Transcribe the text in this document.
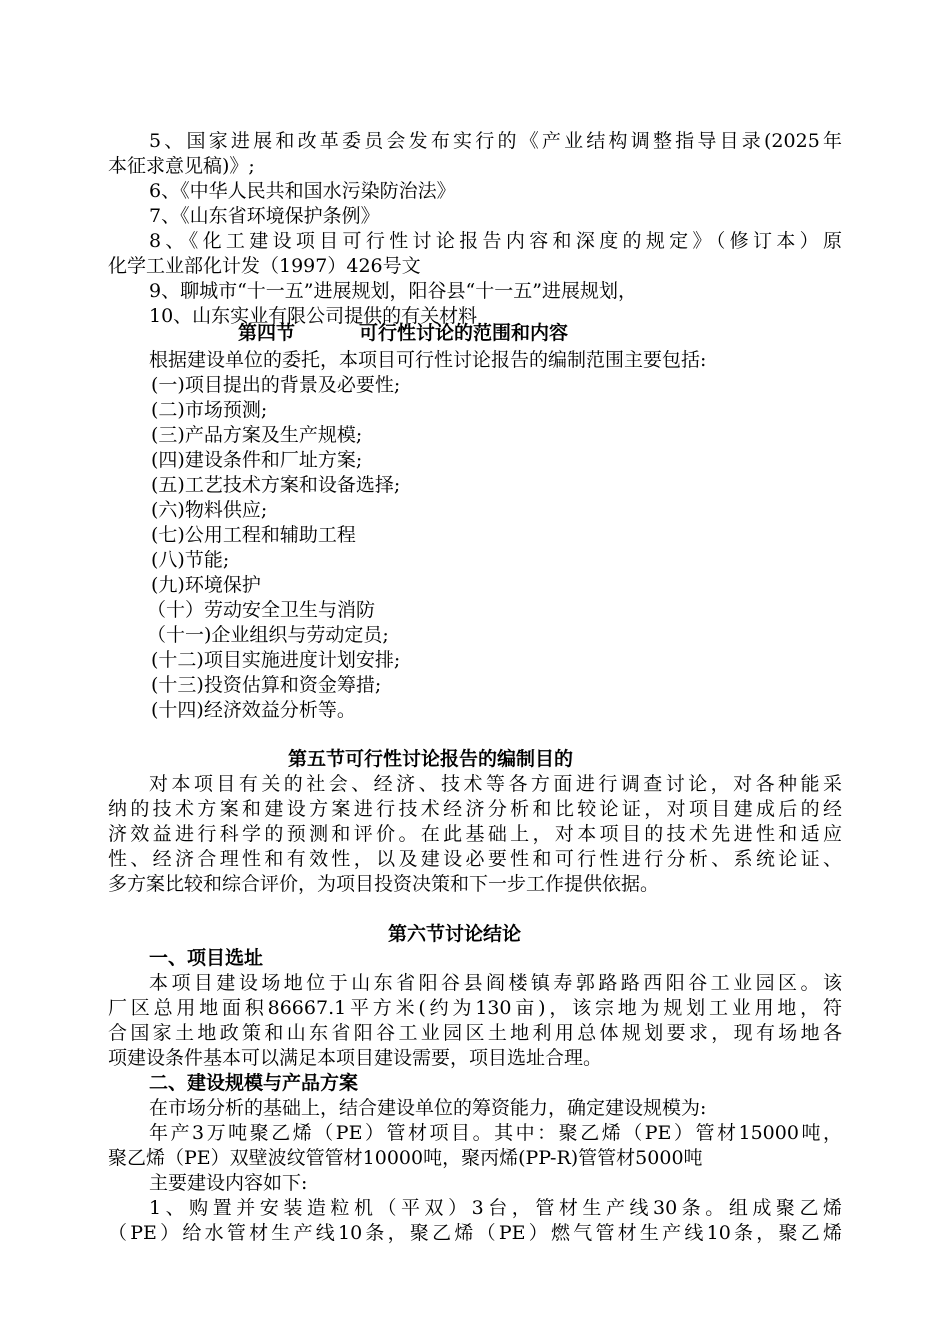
5、国家进展和改革委员会发布实行的《产业结构调整指导目录(2025年
本征求意见稿)》;
6、《中华人民共和国水污染防治法》
7、《山东省环境保护条例》
8、《化工建设项目可行性讨论报告内容和深度的规定》（修订本）原
化学工业部化计发（1997）426号文
9、聊城市“十一五”进展规划，阳谷县“十一五”进展规划，
10、山东实业有限公司提供的有关材料
第四节	可行性讨论的范围和内容
根据建设单位的委托，本项目可行性讨论报告的编制范围主要包括:
(一)项目提出的背景及必要性;
(二)市场预测;
(三)产品方案及生产规模;
(四)建设条件和厂址方案;
(五)工艺技术方案和设备选择;
(六)物料供应;
(七)公用工程和辅助工程
(八)节能;
(九)环境保护
（十）劳动安全卫生与消防
（十一)企业组织与劳动定员;
(十二)项目实施进度计划安排;
(十三)投资估算和资金筹措;
(十四)经济效益分析等。
第五节可行性讨论报告的编制目的
对本项目有关的社会、经济、技术等各方面进行调查讨论，对各种能采
纳的技术方案和建设方案进行技术经济分析和比较论证，对项目建成后的经
济效益进行科学的预测和评价。在此基础上，对本项目的技术先进性和适应
性、经济合理性和有效性，以及建设必要性和可行性进行分析、系统论证、
多方案比较和综合评价，为项目投资决策和下一步工作提供依据。
第六节讨论结论
一、项目选址
本项目建设场地位于山东省阳谷县阎楼镇寿郭路路西阳谷工业园区。该
厂区总用地面积86667.1平方米(约为130亩)，该宗地为规划工业用地，符
合国家土地政策和山东省阳谷工业园区土地利用总体规划要求，现有场地各
项建设条件基本可以满足本项目建设需要，项目选址合理。
二、建设规模与产品方案
在市场分析的基础上，结合建设单位的筹资能力，确定建设规模为:
年产3万吨聚乙烯（PE）管材项目。其中：聚乙烯（PE）管材15000吨，
聚乙烯（PE）双壁波纹管管材10000吨，聚丙烯(PP-R)管管材5000吨
主要建设内容如下:
1、购置并安装造粒机（平双）3台，管材生产线30条。组成聚乙烯
（PE）给水管材生产线10条，聚乙烯（PE）燃气管材生产线10条，聚乙烯
